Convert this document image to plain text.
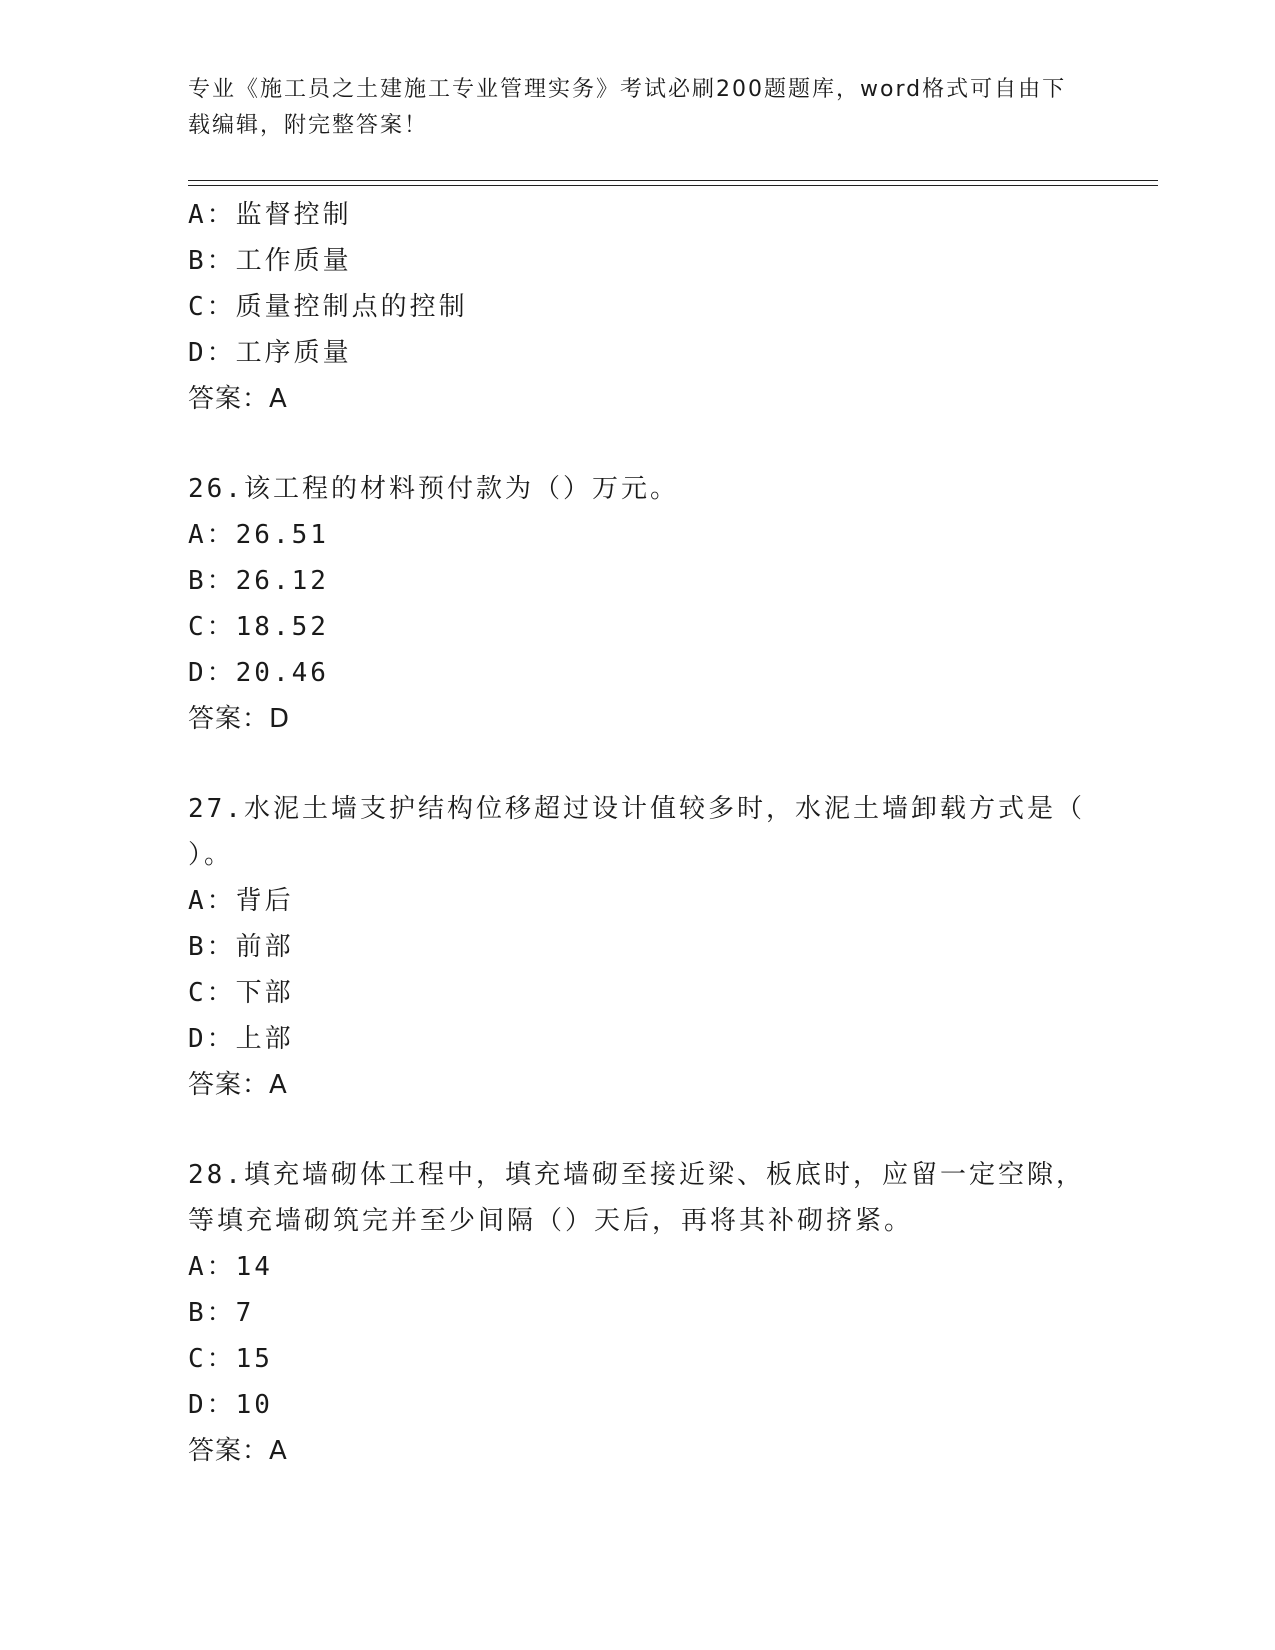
专业《施工员之土建施工专业管理实务》考试必刷200题题库，word格式可自由下载编辑，附完整答案！
A：监督控制
B：工作质量
C：质量控制点的控制
D：工序质量
答案：A
26.该工程的材料预付款为（）万元。
A：26.51
B：26.12
C：18.52
D：20.46
答案：D
27.水泥土墙支护结构位移超过设计值较多时，水泥土墙卸载方式是（
）。
A：背后
B：前部
C：下部
D：上部
答案：A
28.填充墙砌体工程中，填充墙砌至接近梁、板底时，应留一定空隙，
等填充墙砌筑完并至少间隔（）天后，再将其补砌挤紧。
A：14
B：7
C：15
D：10
答案：A
